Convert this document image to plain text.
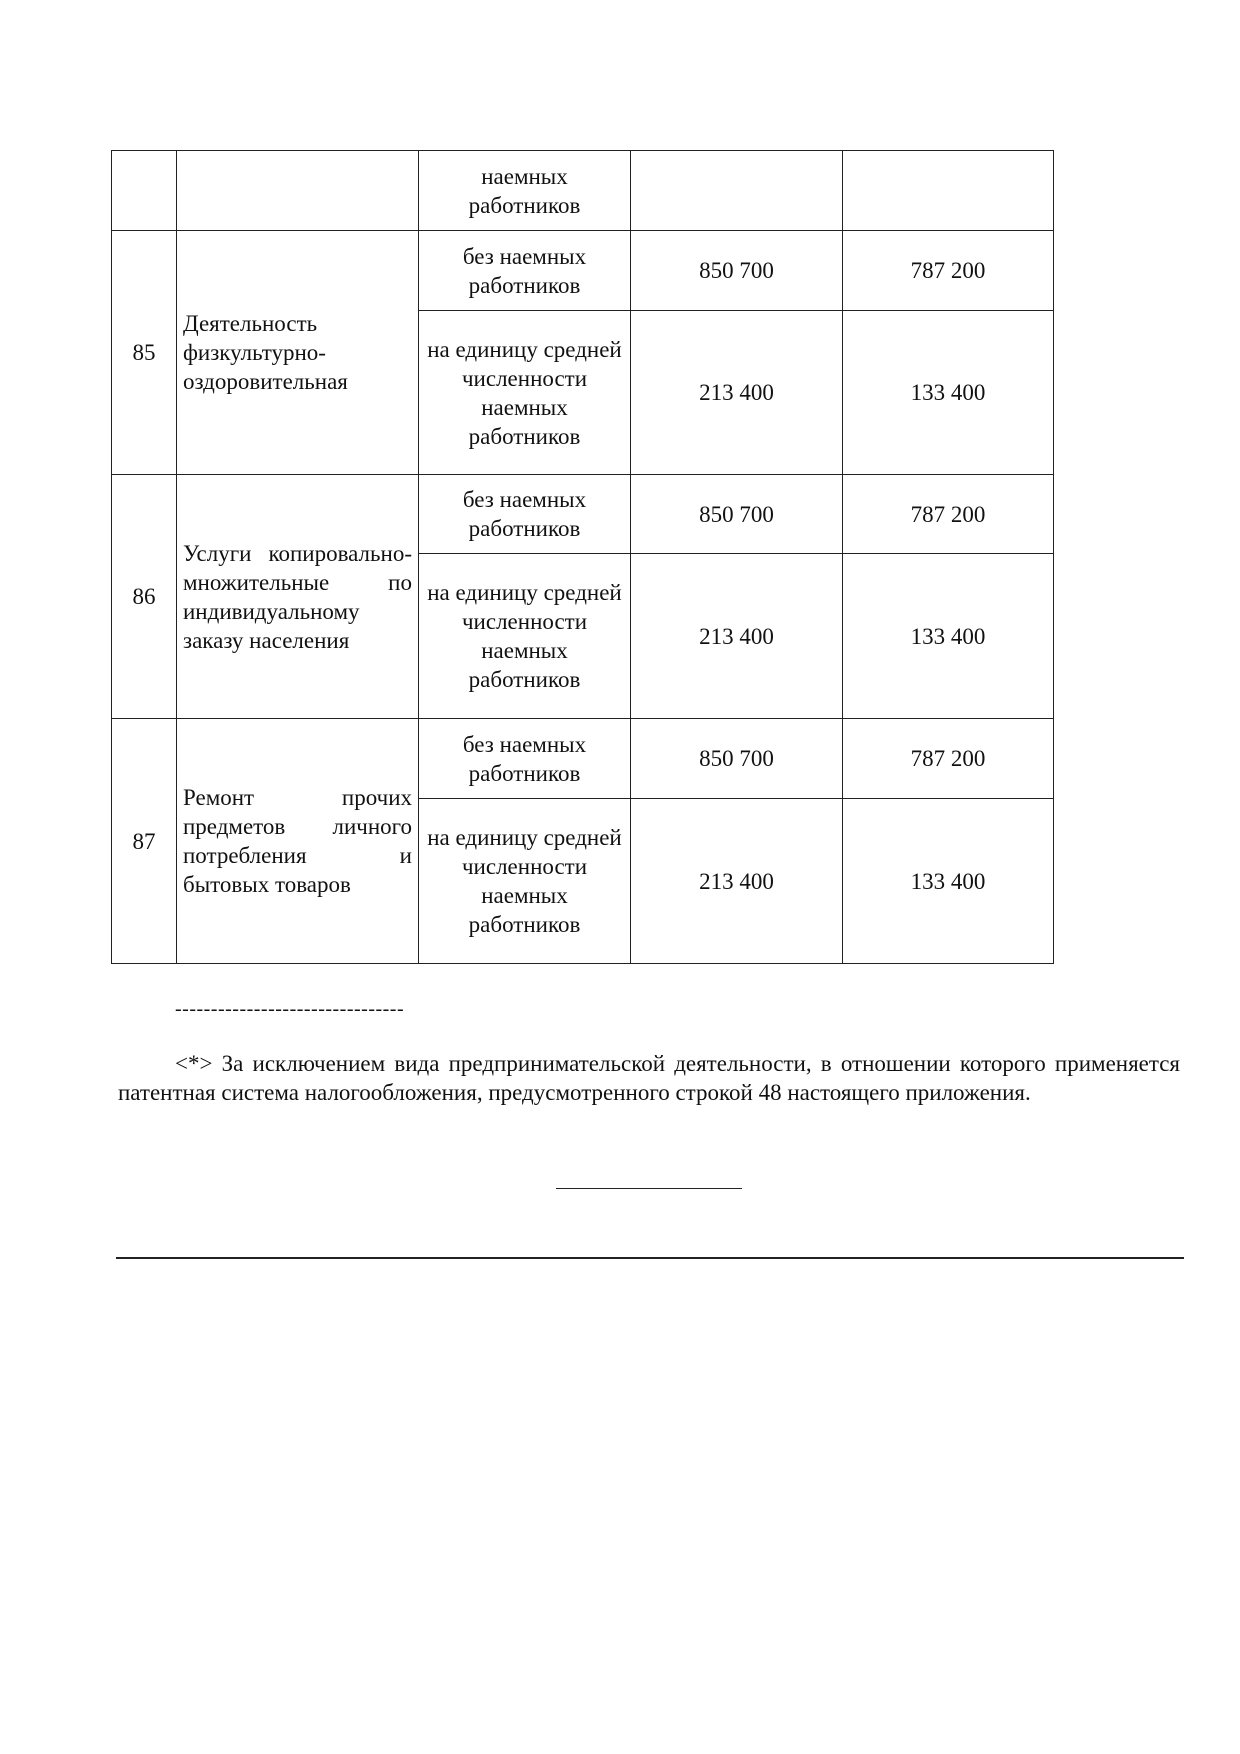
		наемных работников		
85	Деятельность физкультурно-оздоровительная	без наемных работников	850 700	787 200
		на единицу средней численности наемных работников	213 400	133 400
86	Услуги копировально-множительные по индивидуальному заказу населения	без наемных работников	850 700	787 200
		на единицу средней численности наемных работников	213 400	133 400
87	Ремонт прочих предметов личного потребления и бытовых товаров	без наемных работников	850 700	787 200
		на единицу средней численности наемных работников	213 400	133 400
--------------------------------

<*> За исключением вида предпринимательской деятельности, в отношении которого применяется патентная система налогообложения, предусмотренного строкой 48 настоящего приложения.
